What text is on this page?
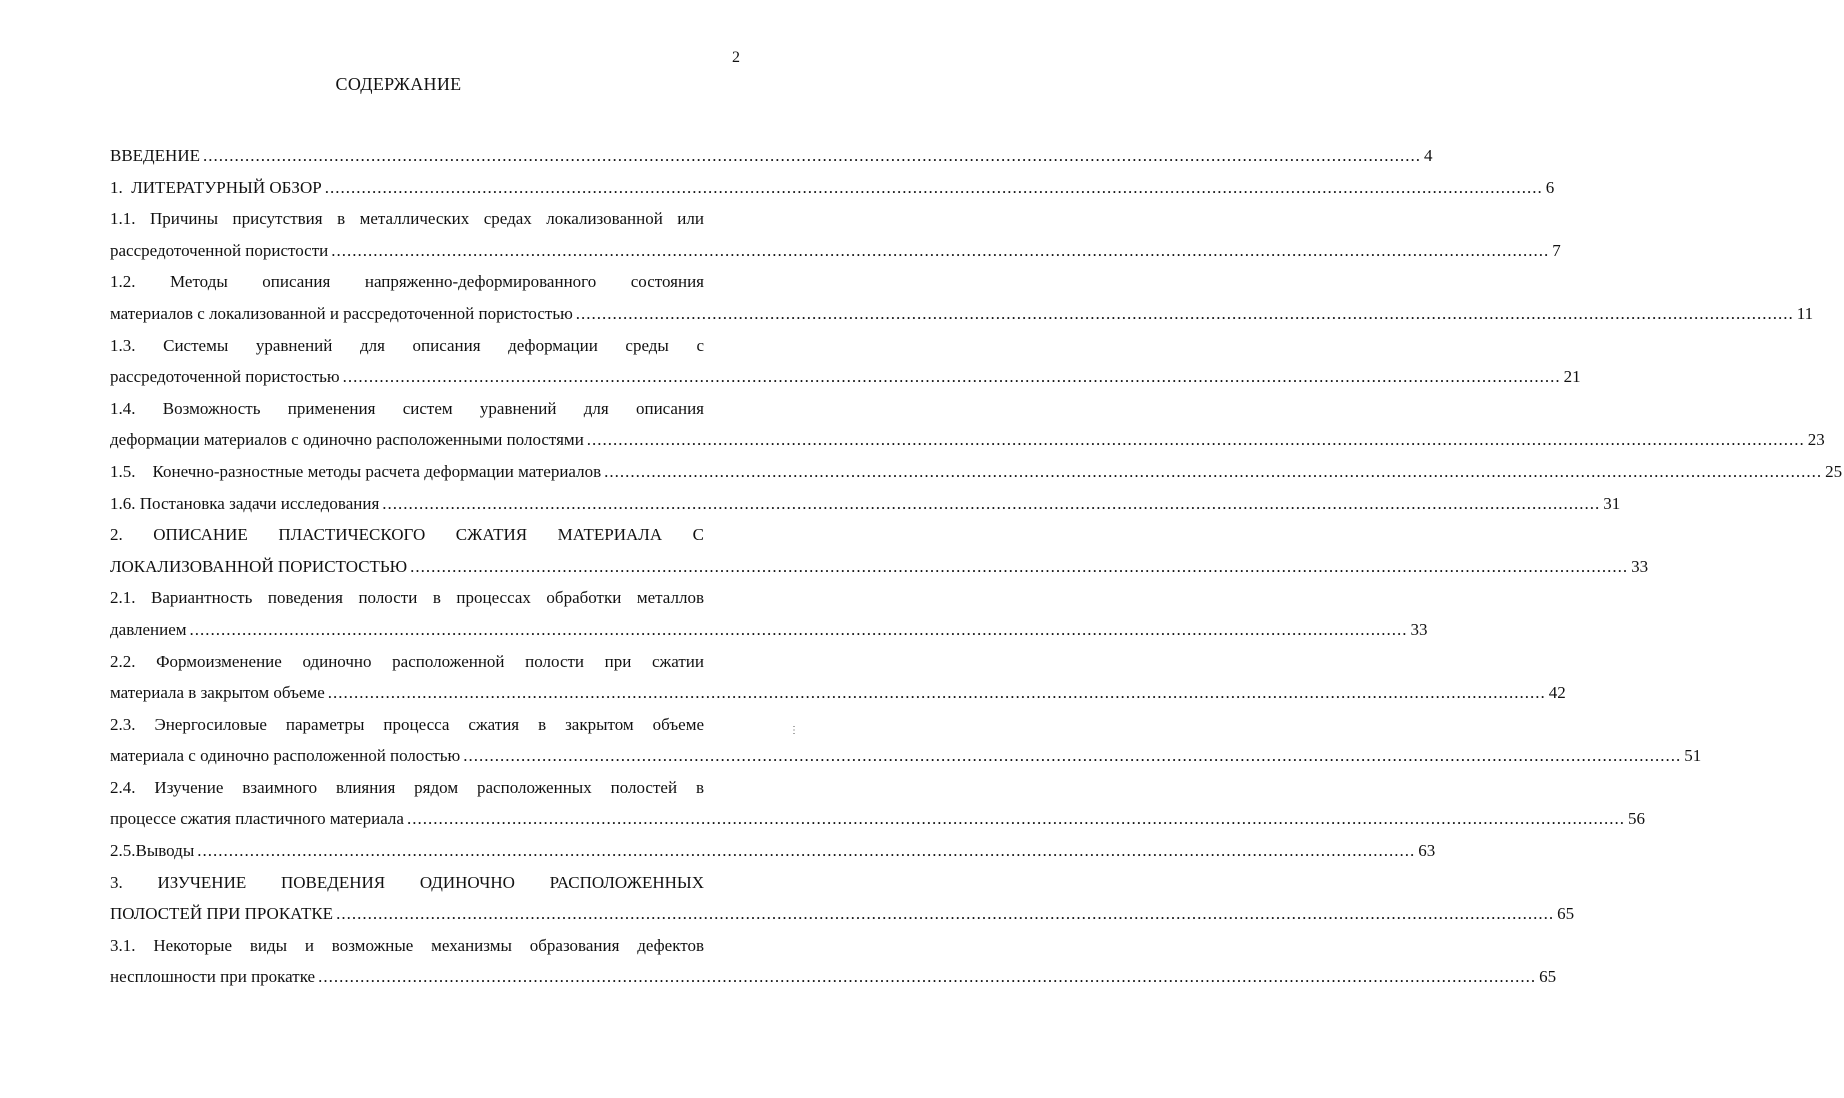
2
СОДЕРЖАНИЕ
ВВЕДЕНИЕ .....	4
1.  ЛИТЕРАТУРНЫЙ ОБЗОР .....	6
1.1. Причины присутствия в металлических средах локализованной или
рассредоточенной пористости .....	7
1.2. Методы описания напряженно-деформированного состояния
материалов с локализованной и рассредоточенной пористостью .....	11
1.3. Системы уравнений для описания деформации среды с
рассредоточенной пористостью .....	21
1.4. Возможность применения систем уравнений для описания
деформации материалов с одиночно расположенными полостями .....	23
1.5.    Конечно-разностные методы расчета деформации материалов .....	25
1.6. Постановка задачи исследования .....	31
2. ОПИСАНИЕ ПЛАСТИЧЕСКОГО СЖАТИЯ МАТЕРИАЛА С
ЛОКАЛИЗОВАННОЙ ПОРИСТОСТЬЮ .....	33
2.1. Вариантность поведения полости в процессах обработки металлов
давлением .....	33
2.2. Формоизменение одиночно расположенной полости при сжатии
материала в закрытом объеме .....	42
2.3. Энергосиловые параметры процесса сжатия в закрытом объеме
материала с одиночно расположенной полостью .....	51
2.4. Изучение взаимного влияния рядом расположенных полостей в
процессе сжатия пластичного материала .....	56
2.5.Выводы .....	63
3. ИЗУЧЕНИЕ ПОВЕДЕНИЯ ОДИНОЧНО РАСПОЛОЖЕННЫХ
ПОЛОСТЕЙ ПРИ ПРОКАТКЕ .....	65
3.1. Некоторые виды и возможные механизмы образования дефектов
несплошности при прокатке .....	65
⋮
